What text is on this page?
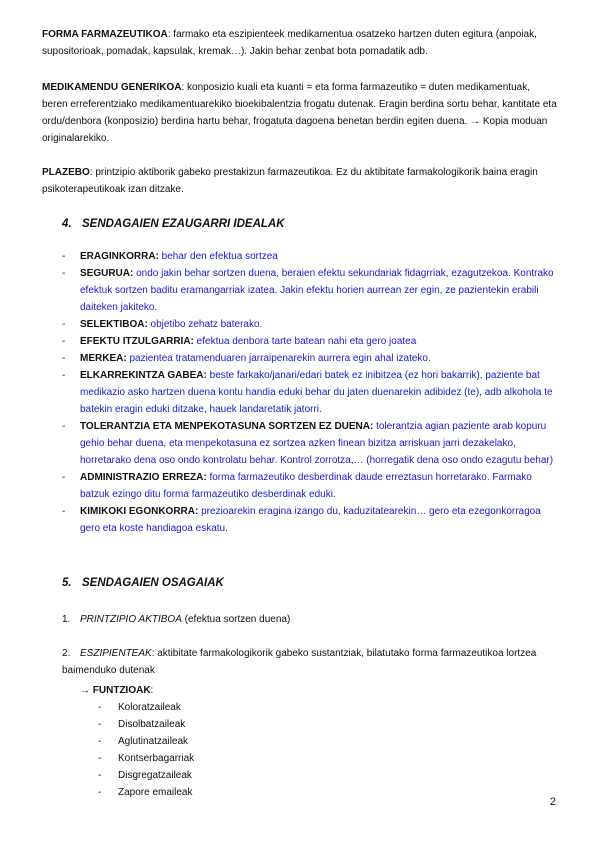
FORMA FARMAZEUTIKOA: farmako eta eszipienteek medikamentua osatzeko hartzen duten egitura (anpoiak, supositorioak, pomadak, kapsulak, kremak…). Jakin behar zenbat bota pomadatik adb.

MEDIKAMENDU GENERIKOA: konposizio kuali eta kuanti = eta forma farmazeutiko = duten medikamentuak, beren erreferentziako medikamentuarekiko bioekibalentzia frogatu dutenak. Eragin berdina sortu behar, kantitate eta ordu/denbora (konposizio) berdina hartu behar, frogatuta dagoena benetan berdin egiten duena. → Kopia moduan originalarekiko.

PLAZEBO: printzipio aktiborik gabeko prestakizun farmazeutikoa. Ez du aktibitate farmakologikorik baina eragin psikoterapeutikoak izan ditzake.

4. SENDAGAIEN EZAUGARRI IDEALAK
- ERAGINKORRA: behar den efektua sortzea
- SEGURUA: ondo jakin behar sortzen duena, beraien efektu sekundariak fidagrriak, ezagutzekoa. Kontrako efektuk sortzen baditu eramangarriak izatea. Jakin efektu horien aurrean zer egin, ze pazientekin erabili daiteken jakiteko.
- SELEKTIBOA: objetibo zehatz baterako.
- EFEKTU ITZULGARRIA: efektua denbora tarte batean nahi eta gero joatea
- MERKEA: pazientea tratamenduaren jarraipenarekin aurrera egin ahal izateko.
- ELKARREKINTZA GABEA: beste farkako/janari/edari batek ez inibitzea (ez hori bakarrik), paziente bat medikazio asko hartzen duena kontu handia eduki behar du jaten duenarekin adibidez (te), adb alkohola te batekin eragin eduki ditzake, hauek landaretatik jatorri.
- TOLERANTZIA ETA MENPEKOTASUNA SORTZEN EZ DUENA: tolerantzia agian paziente arab kopuru gehio behar duena, eta menpekotasuna ez sortzea azken finean bizitza arriskuan jarri dezakelako, horretarako dena oso ondo kontrolatu behar. Kontrol zorrotza,… (horregatik dena oso ondo ezagutu behar)
- ADMINISTRAZIO ERREZA: forma farmazeutiko desberdinak daude erreztasun horretarako. Farmako batzuk ezingo ditu forma farmazeutiko desberdinak eduki.
- KIMIKOKI EGONKORRA: prezioarekin eragina izango du, kaduzitatearekin… gero eta ezegonkorragoa gero eta koste handiagoa eskatu.
5. SENDAGAIEN OSAGAIAK
1. PRINTZIPIO AKTIBOA (efektua sortzen duena)
2. ESZIPIENTEAK: aktibitate farmakologikorik gabeko sustantziak, bilatutako forma farmazeutikoa lortzea baimenduko dutenak
→ FUNTZIOAK:
- Koloratzaileak
- Disolbatzaileak
- Aglutinatzaileak
- Kontserbagarriak
- Disgregatzaileak
- Zapore emaileak
2
